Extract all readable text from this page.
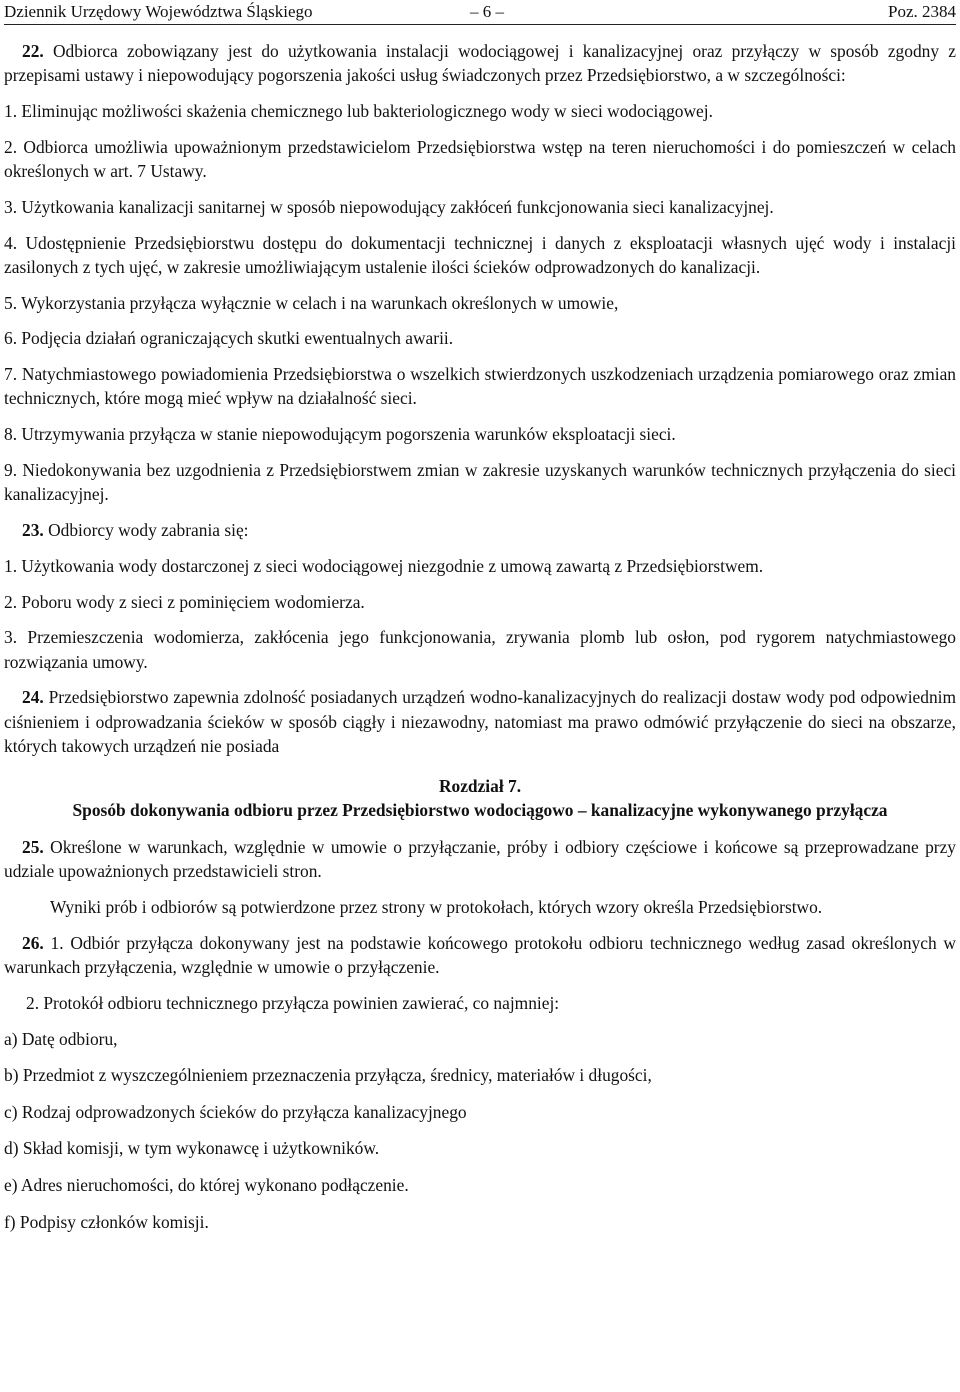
Dziennik Urzędowy Województwa Śląskiego	– 6 –	Poz. 2384

22. Odbiorca zobowiązany jest do użytkowania instalacji wodociągowej i kanalizacyjnej oraz przyłączy w sposób zgodny z przepisami ustawy i niepowodujący pogorszenia jakości usług świadczonych przez Przedsiębiorstwo, a w szczególności:

1. Eliminując możliwości skażenia chemicznego lub bakteriologicznego wody w sieci wodociągowej.

2. Odbiorca umożliwia upoważnionym przedstawicielom Przedsiębiorstwa wstęp na teren nieruchomości i do pomieszczeń w celach określonych w art. 7 Ustawy.

3. Użytkowania kanalizacji sanitarnej w sposób niepowodujący zakłóceń funkcjonowania sieci kanalizacyjnej.

4. Udostępnienie Przedsiębiorstwu dostępu do dokumentacji technicznej i danych z eksploatacji własnych ujęć wody i instalacji zasilonych z tych ujęć, w zakresie umożliwiającym ustalenie ilości ścieków odprowadzonych do kanalizacji.

5. Wykorzystania przyłącza wyłącznie w celach i na warunkach określonych w umowie,

6. Podjęcia działań ograniczających skutki ewentualnych awarii.

7. Natychmiastowego powiadomienia Przedsiębiorstwa o wszelkich stwierdzonych uszkodzeniach urządzenia pomiarowego oraz zmian technicznych, które mogą mieć wpływ na działalność sieci.

8. Utrzymywania przyłącza w stanie niepowodującym pogorszenia warunków eksploatacji sieci.

9. Niedokonywania bez uzgodnienia z Przedsiębiorstwem zmian w zakresie uzyskanych warunków technicznych przyłączenia do sieci kanalizacyjnej.

23. Odbiorcy wody zabrania się:

1. Użytkowania wody dostarczonej z sieci wodociągowej niezgodnie z umową zawartą z Przedsiębiorstwem.

2. Poboru wody z sieci z pominięciem wodomierza.

3. Przemieszczenia wodomierza, zakłócenia jego funkcjonowania, zrywania plomb lub osłon, pod rygorem natychmiastowego rozwiązania umowy.

24. Przedsiębiorstwo zapewnia zdolność posiadanych urządzeń wodno-kanalizacyjnych do realizacji dostaw wody pod odpowiednim ciśnieniem i odprowadzania ścieków w sposób ciągły i niezawodny, natomiast ma prawo odmówić przyłączenie do sieci na obszarze, których takowych urządzeń nie posiada

Rozdział 7.
Sposób dokonywania odbioru przez Przedsiębiorstwo wodociągowo – kanalizacyjne wykonywanego przyłącza

25. Określone w warunkach, względnie w umowie o przyłączanie, próby i odbiory częściowe i końcowe są przeprowadzane przy udziale upoważnionych przedstawicieli stron.

Wyniki prób i odbiorów są potwierdzone przez strony w protokołach, których wzory określa Przedsiębiorstwo.

26. 1. Odbiór przyłącza dokonywany jest na podstawie końcowego protokołu odbioru technicznego według zasad określonych w warunkach przyłączenia, względnie w umowie o przyłączenie.

2. Protokół odbioru technicznego przyłącza powinien zawierać, co najmniej:

a) Datę odbioru,

b) Przedmiot z wyszczególnieniem przeznaczenia przyłącza, średnicy, materiałów i długości,

c) Rodzaj odprowadzonych ścieków do przyłącza kanalizacyjnego

d) Skład komisji, w tym wykonawcę i użytkowników.

e) Adres nieruchomości, do której wykonano podłączenie.

f) Podpisy członków komisji.
